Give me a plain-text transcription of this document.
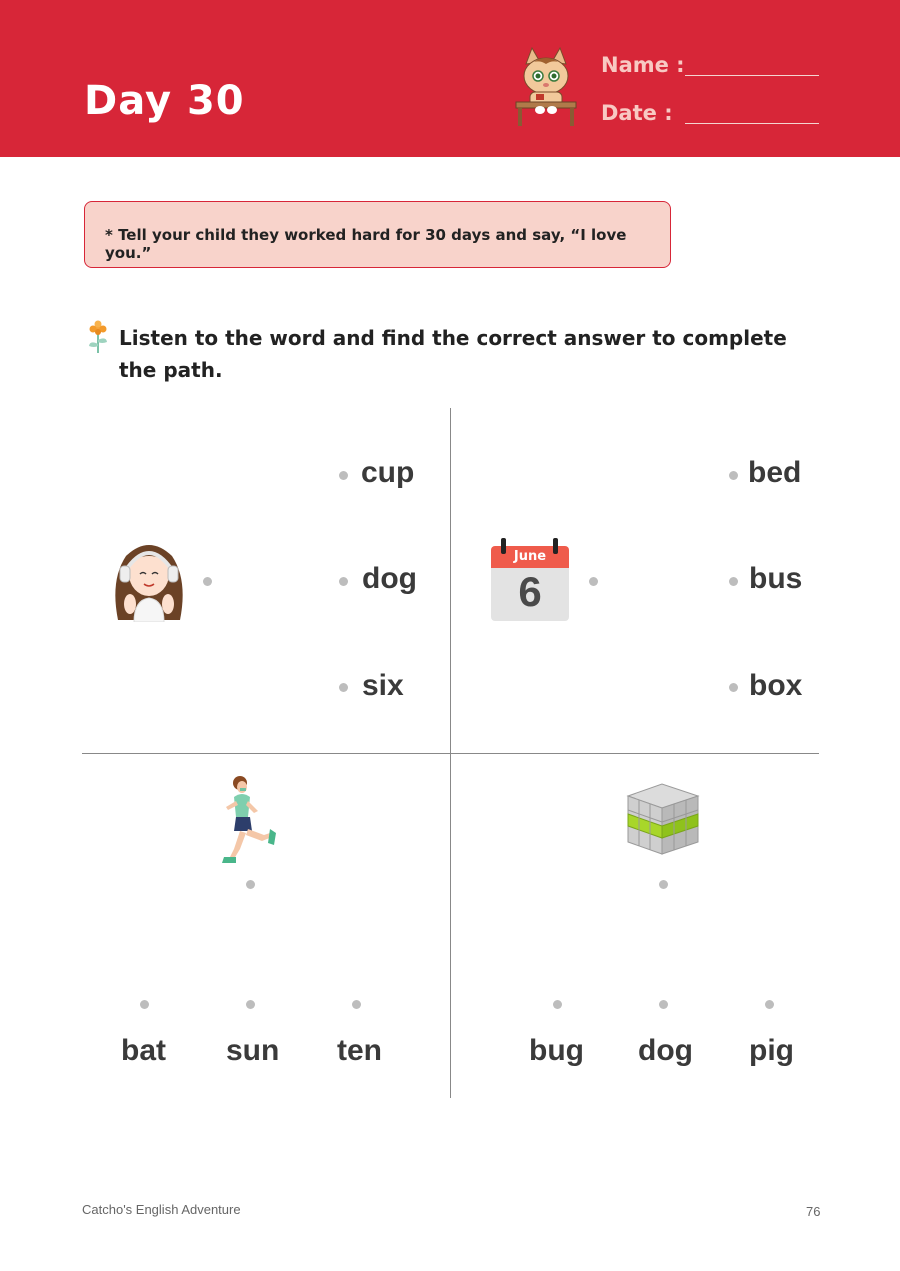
Day 30
Name :
Date :
* Tell your child they worked hard for 30 days and say, “I love you.”
Listen to the word and find the correct answer to complete the path.
cup
dog
six
June
6
bed
bus
box
bat sun ten	bug dog pig
Catcho's English Adventure	76
